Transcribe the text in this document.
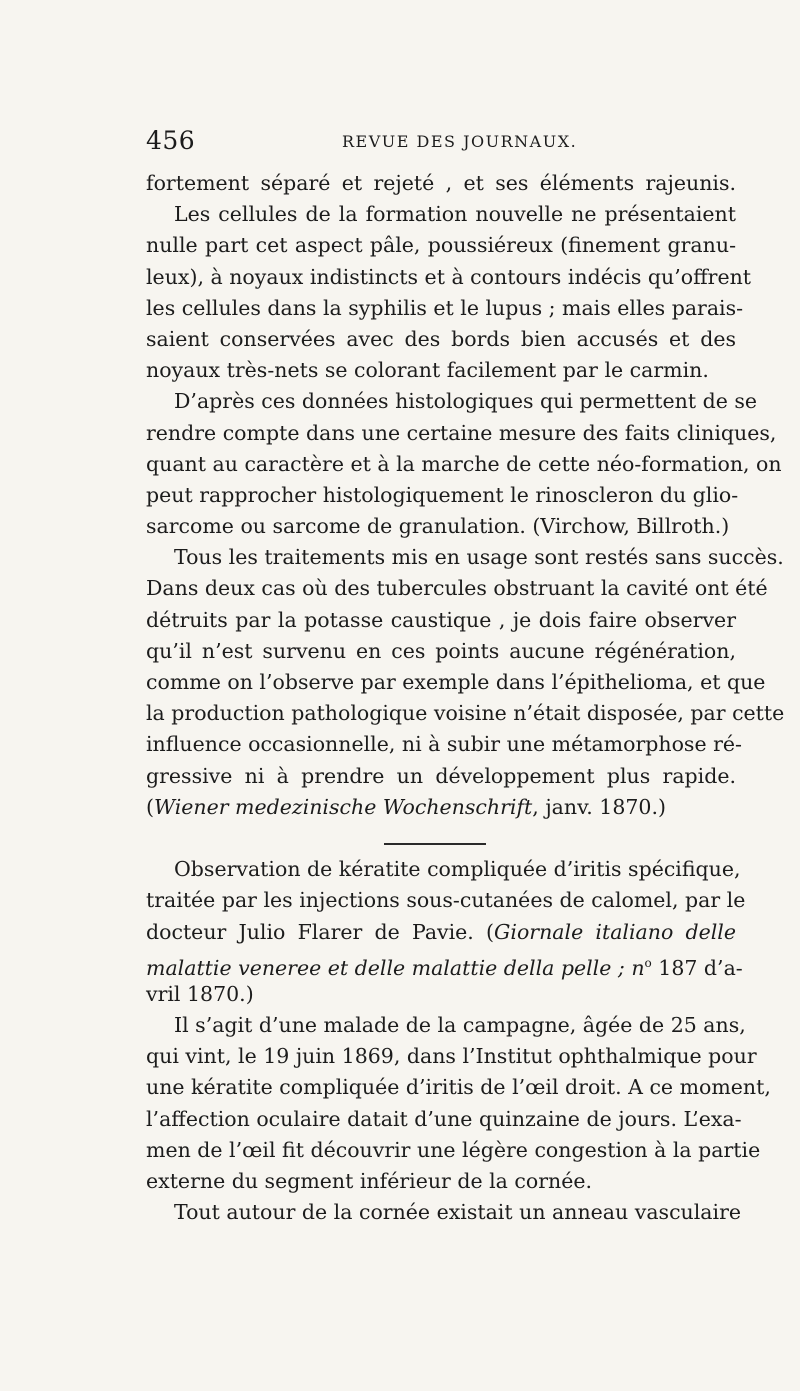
456	REVUE DES JOURNAUX.
fortement séparé et rejeté , et ses éléments rajeunis.
Les cellules de la formation nouvelle ne présentaient
nulle part cet aspect pâle, poussiéreux (finement granu-
leux), à noyaux indistincts et à contours indécis qu’offrent
les cellules dans la syphilis et le lupus ; mais elles parais-
saient conservées avec des bords bien accusés et des
noyaux très-nets se colorant facilement par le carmin.
D’après ces données histologiques qui permettent de se
rendre compte dans une certaine mesure des faits cliniques,
quant au caractère et à la marche de cette néo-formation, on
peut rapprocher histologiquement le rinoscleron du glio-
sarcome ou sarcome de granulation. (Virchow, Billroth.)
Tous les traitements mis en usage sont restés sans succès.
Dans deux cas où des tubercules obstruant la cavité ont été
détruits par la potasse caustique , je dois faire observer
qu’il n’est survenu en ces points aucune régénération,
comme on l’observe par exemple dans l’épithelioma, et que
la production pathologique voisine n’était disposée, par cette
influence occasionnelle, ni à subir une métamorphose ré-
gressive ni à prendre un développement plus rapide.
(Wiener medezinische Wochenschrift, janv. 1870.)
Observation de kératite compliquée d’iritis spécifique,
traitée par les injections sous-cutanées de calomel, par le
docteur Julio Flarer de Pavie. (Giornale italiano delle
malattie veneree et delle malattie della pelle ; $n^o$ 187 d’a-
vril 1870.)
Il s’agit d’une malade de la campagne, âgée de 25 ans,
qui vint, le 19 juin 1869, dans l’Institut ophthalmique pour
une kératite compliquée d’iritis de l’œil droit. A ce moment,
l’affection oculaire datait d’une quinzaine de jours. L’exa-
men de l’œil fit découvrir une légère congestion à la partie
externe du segment inférieur de la cornée.
Tout autour de la cornée existait un anneau vasculaire
